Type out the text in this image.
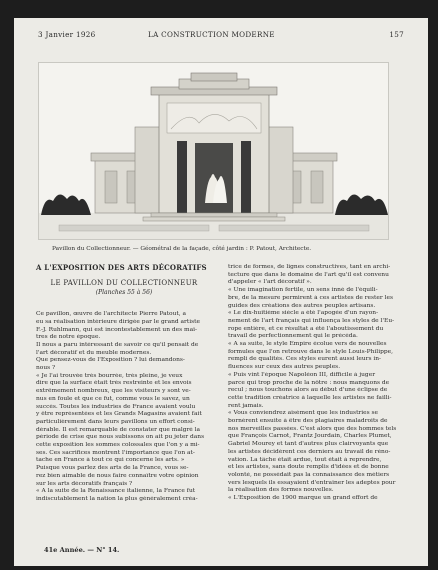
3 Janvier 1926	LA CONSTRUCTION MODERNE	157
Pavillon du Collectionneur. — Géométral de la façade, côté jardin : P. Patout, Architecte.
A L'EXPOSITION DES ARTS DÉCORATIFS
LE PAVILLON DU COLLECTIONNEUR
(Planches 55 à 56)

Ce pavillon, œuvre de l'architecte Pierre Patout, a

eu sa réalisation intérieure dirigée par le grand artiste

F.-J. Ruhlmann, qui est incontestablement un des maî-

tres de notre époque.

Il nous a paru intéressant de savoir ce qu'il pensait de

l'art décoratif et du meuble modernes.

Que pensez-vous de l'Exposition ? lui demandons-

nous ?

« Je l'ai trouvée très bourrée, très pleine, je veux

dire que la surface était très restreinte et les envois

extrêmement nombreux, que les visiteurs y sont ve-

nus en foule et que ce fut, comme vous le savez, un

succès. Toutes les industries de France avaient voulu

y être représentées et les Grands Magasins avaient fait

particulièrement dans leurs pavillons un effort consi-

dérable. Il est remarquable de constater que malgré la

période de crise que nous subissons on ait pu jeter dans

cette exposition les sommes colossales que l'on y a mi-

ses. Ces sacrifices montrent l'importance que l'on at-

tache en France à tout ce qui concerne les arts. »

Puisque vous parlez des arts de la France, vous se-

rez bien aimable de nous faire connaître votre opinion

sur les arts décoratifs français ?

« A la suite de la Renaissance italienne, la France fut

indiscutablement la nation la plus généralement créa-

trice de formes, de lignes constructives, tant en archi-

tecture que dans le domaine de l'art qu'il est convenu

d'appeler « l'art décoratif ».

« Une imagination fertile, un sens inné de l'équili-

bre, de la mesure permirent à ces artistes de rester les

guides des créations des autres peuples artisans.

« Le dix-huitième siècle a été l'apogée d'un rayon-

nement de l'art français qui influença les styles de l'Eu-

rope entière, et ce résultat a été l'aboutissement du

travail de perfectionnement qui le précéda.

« A sa suite, le style Empire écolue vers de nouvelles

formules que l'on retrouve dans le style Louis-Philippe,

rempli de qualités. Ces styles eurent aussi leurs in-

fluences sur ceux des autres peuples.

« Puis vint l'époque Napoléon III, difficile à juger

parce qui trop proche de la nôtre : nous manquons de

recul ; nous touchons alors au début d'une éclipse de

cette tradition créatrice à laquelle les artistes ne failli-

rent jamais.

« Vous conviendrez aisément que les industries se

bornèrent ensuite à être des plagiaires maladroits de

nos merveilles passées. C'est alors que des hommes tels

que François Carnot, Frantz Jourdain, Charles Plumet,

Gabriel Mourey et tant d'autres plus clairvoyants que

les artistes décidèrent ces derniers au travail de réno-

vation. La tâche était ardue, tout était à reprendre,

et les artistes, sans doute remplis d'idées et de bonne

volonté, ne possédait pas la connaissance des métiers

vers lesquels ils essayaient d'entraîner les adeptes pour

la réalisation des formes nouvelles.

« L'Exposition de 1900 marque un grand effort de

41e Année. — N° 14.
